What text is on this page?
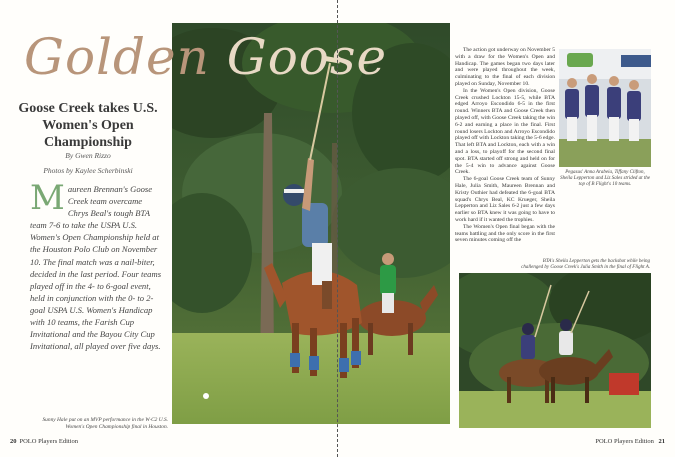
Golden Goose
Goose Creek takes U.S. Women's Open Championship
By Gwen Rizzo
Photos by Kaylee Scherbinski
Maureen Brennan's Goose Creek team overcame Chrys Beal's tough BTA team 7-6 to take the USPA U.S. Women's Open Championship held at the Houston Polo Club on November 10. The final match was a nail-biter, decided in the last period. Four teams played off in the 4- to 6-goal event, held in conjunction with the 0- to 2-goal USPA U.S. Women's Handicap with 10 teams, the Farish Cup Invitational and the Bayou City Cup Invitational, all played over five days.
Sunny Hale put on an MVP performance in the W·C2 U.S. Women's Open Championship final in Houston.
20 POLO Players Edition	POLO Players Edition 21

The action got underway on November 5 with a draw for the Women's Open and Handicap. The games began two days later and were played throughout the week, culminating to the final of each division played on Sunday, November 10.

In the Women's Open division, Goose Creek crushed Lockton 15-5, while BTA edged Arroyo Escondido 6-5 in the first round. Winners BTA and Goose Creek then played off, with Goose Creek taking the win 6-2 and earning a place in the final. First round losers Lockton and Arroyo Escondido played off with Lockton taking the 5-6 edge. That left BTA and Lockton, each with a win and a loss, to playoff for the second final spot. BTA started off strong and held on for the 5-4 win to advance against Goose Creek.

The 6-goal Goose Creek team of Sunny Hale, Julia Smith, Maureen Brennan and Kristy Outhier had defeated the 6-goal BTA squad's Chrys Beal, KC Krueger, Sheila Lepperton and Liz Sales 6-2 just a few days earlier so BTA knew it was going to have to work hard if it wanted the trophies.

The Women's Open final began with the teams battling and the only score in the first seven minutes coming off the

Pegasus' Anna Arabeia, Tiffany Clifton, Sheila Lepperton and Liz Sales strided at the top of B Flight's 10 teams.
BTA's Sheila Lepperton gets the backshot while being challenged by Goose Creek's Julia Smith in the final of Flight A.
